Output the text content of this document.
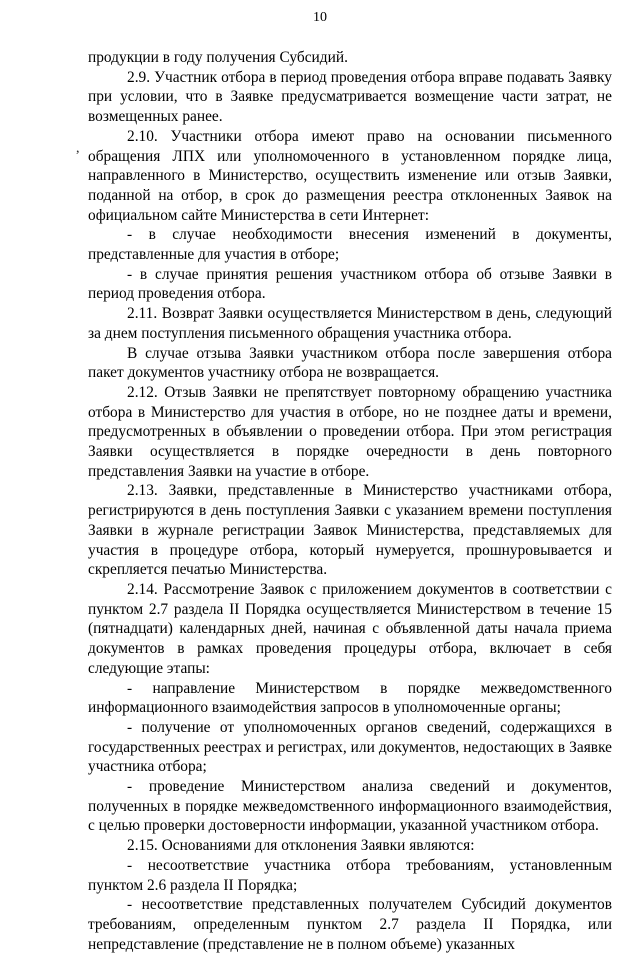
10
,

продукции в году получения Субсидий.

2.9. Участник отбора в период проведения отбора вправе подавать Заявку при условии, что в Заявке предусматривается возмещение части затрат, не возмещенных ранее.

2.10. Участники отбора имеют право на основании письменного обращения ЛПХ или уполномоченного в установленном порядке лица, направленного в Министерство, осуществить изменение или отзыв Заявки, поданной на отбор, в срок до размещения реестра отклоненных Заявок на официальном сайте Министерства в сети Интернет:

- в случае необходимости внесения изменений в документы, представленные для участия в отборе;

- в случае принятия решения участником отбора об отзыве Заявки в период проведения отбора.

2.11. Возврат Заявки осуществляется Министерством в день, следующий за днем поступления письменного обращения участника отбора.

В случае отзыва Заявки участником отбора после завершения отбора пакет документов участнику отбора не возвращается.

2.12. Отзыв Заявки не препятствует повторному обращению участника отбора в Министерство для участия в отборе, но не позднее даты и времени, предусмотренных в объявлении о проведении отбора. При этом регистрация Заявки осуществляется в порядке очередности в день повторного представления Заявки на участие в отборе.

2.13. Заявки, представленные в Министерство участниками отбора, регистрируются в день поступления Заявки с указанием времени поступления Заявки в журнале регистрации Заявок Министерства, представляемых для участия в процедуре отбора, который нумеруется, прошнуровывается и скрепляется печатью Министерства.

2.14. Рассмотрение Заявок с приложением документов в соответствии с пунктом 2.7 раздела II Порядка осуществляется Министерством в течение 15 (пятнадцати) календарных дней, начиная с объявленной даты начала приема документов в рамках проведения процедуры отбора, включает в себя следующие этапы:

- направление Министерством в порядке межведомственного информационного взаимодействия запросов в уполномоченные органы;

- получение от уполномоченных органов сведений, содержащихся в государственных реестрах и регистрах, или документов, недостающих в Заявке участника отбора;

- проведение Министерством анализа сведений и документов, полученных в порядке межведомственного информационного взаимодействия, с целью проверки достоверности информации, указанной участником отбора.

2.15. Основаниями для отклонения Заявки являются:

- несоответствие участника отбора требованиям, установленным пунктом 2.6 раздела II Порядка;

- несоответствие представленных получателем Субсидий документов требованиям, определенным пунктом 2.7 раздела II Порядка, или непредставление (представление не в полном объеме) указанных
